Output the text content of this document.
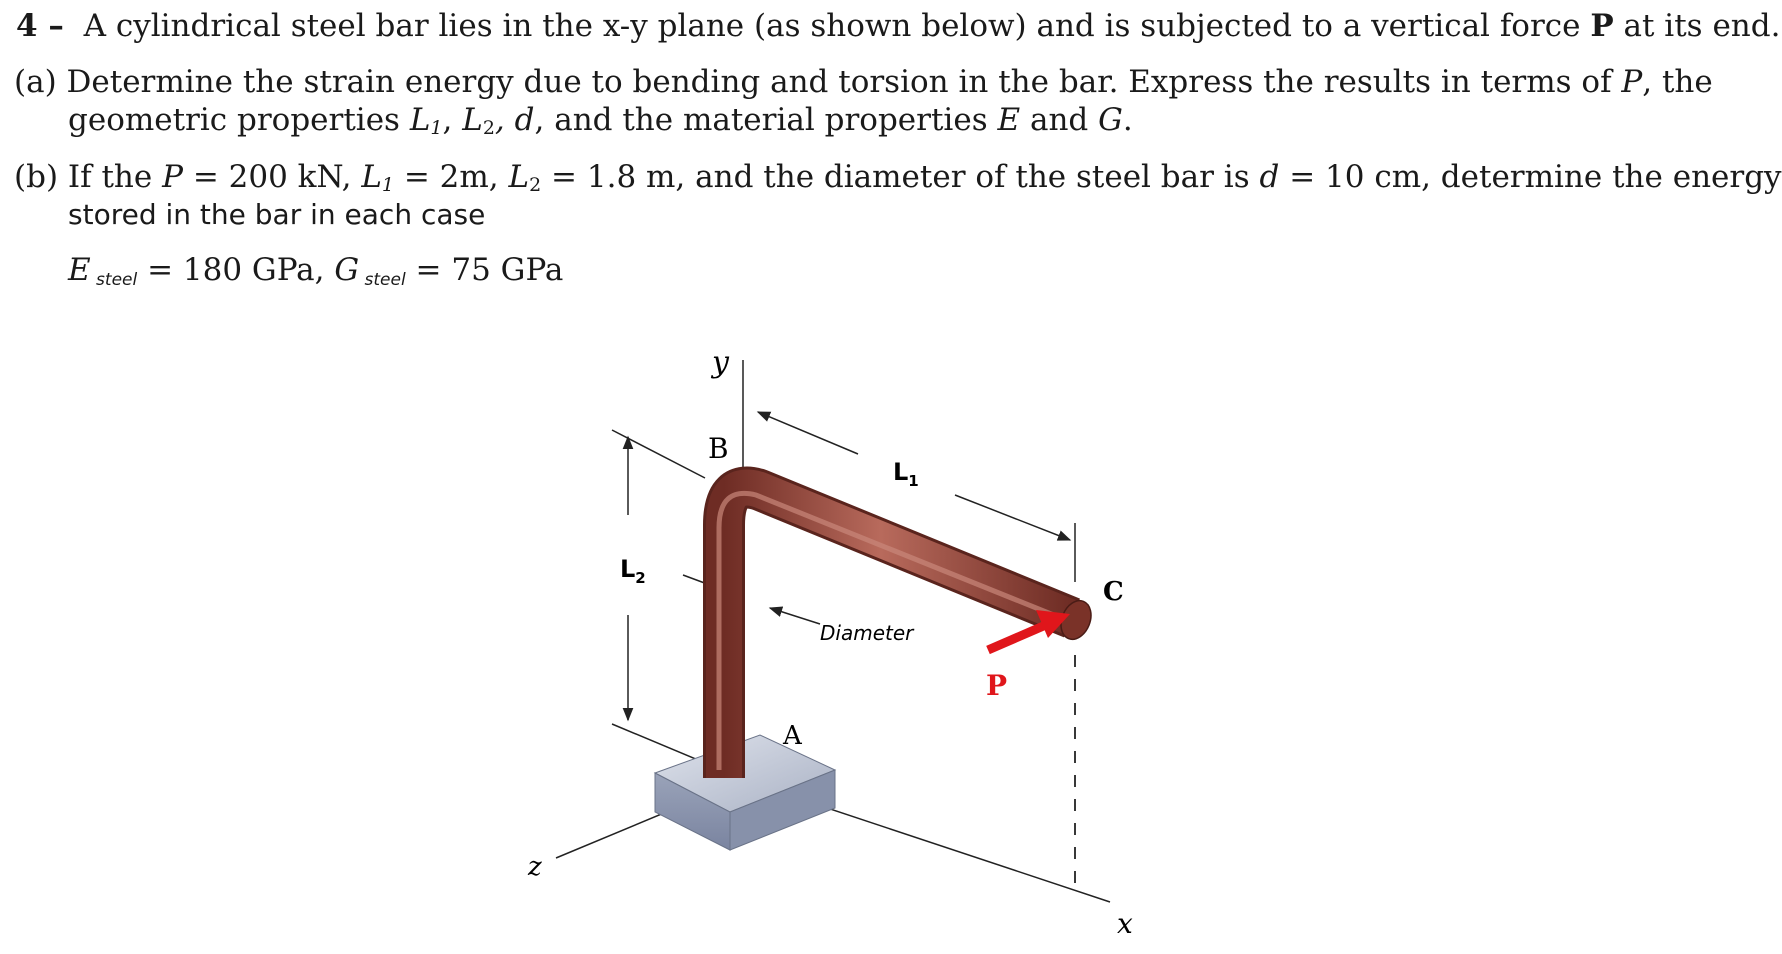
4 – A cylindrical steel bar lies in the x-y plane (as shown below) and is subjected to a vertical force P at its end.
(a) Determine the strain energy due to bending and torsion in the bar. Express the results in terms of P, the
geometric properties L1, L2, d, and the material properties E and G.
(b) If the P = 200 kN, L1 = 2m, L2 = 1.8 m, and the diameter of the steel bar is d = 10 cm, determine the energy
stored in the bar in each case
E $_{steel}$ = 180 GPa, G $_{steel}$ = 75 GPa
y
B
$L_1$
$L_2$	C
Diameter
P
A
z
x
